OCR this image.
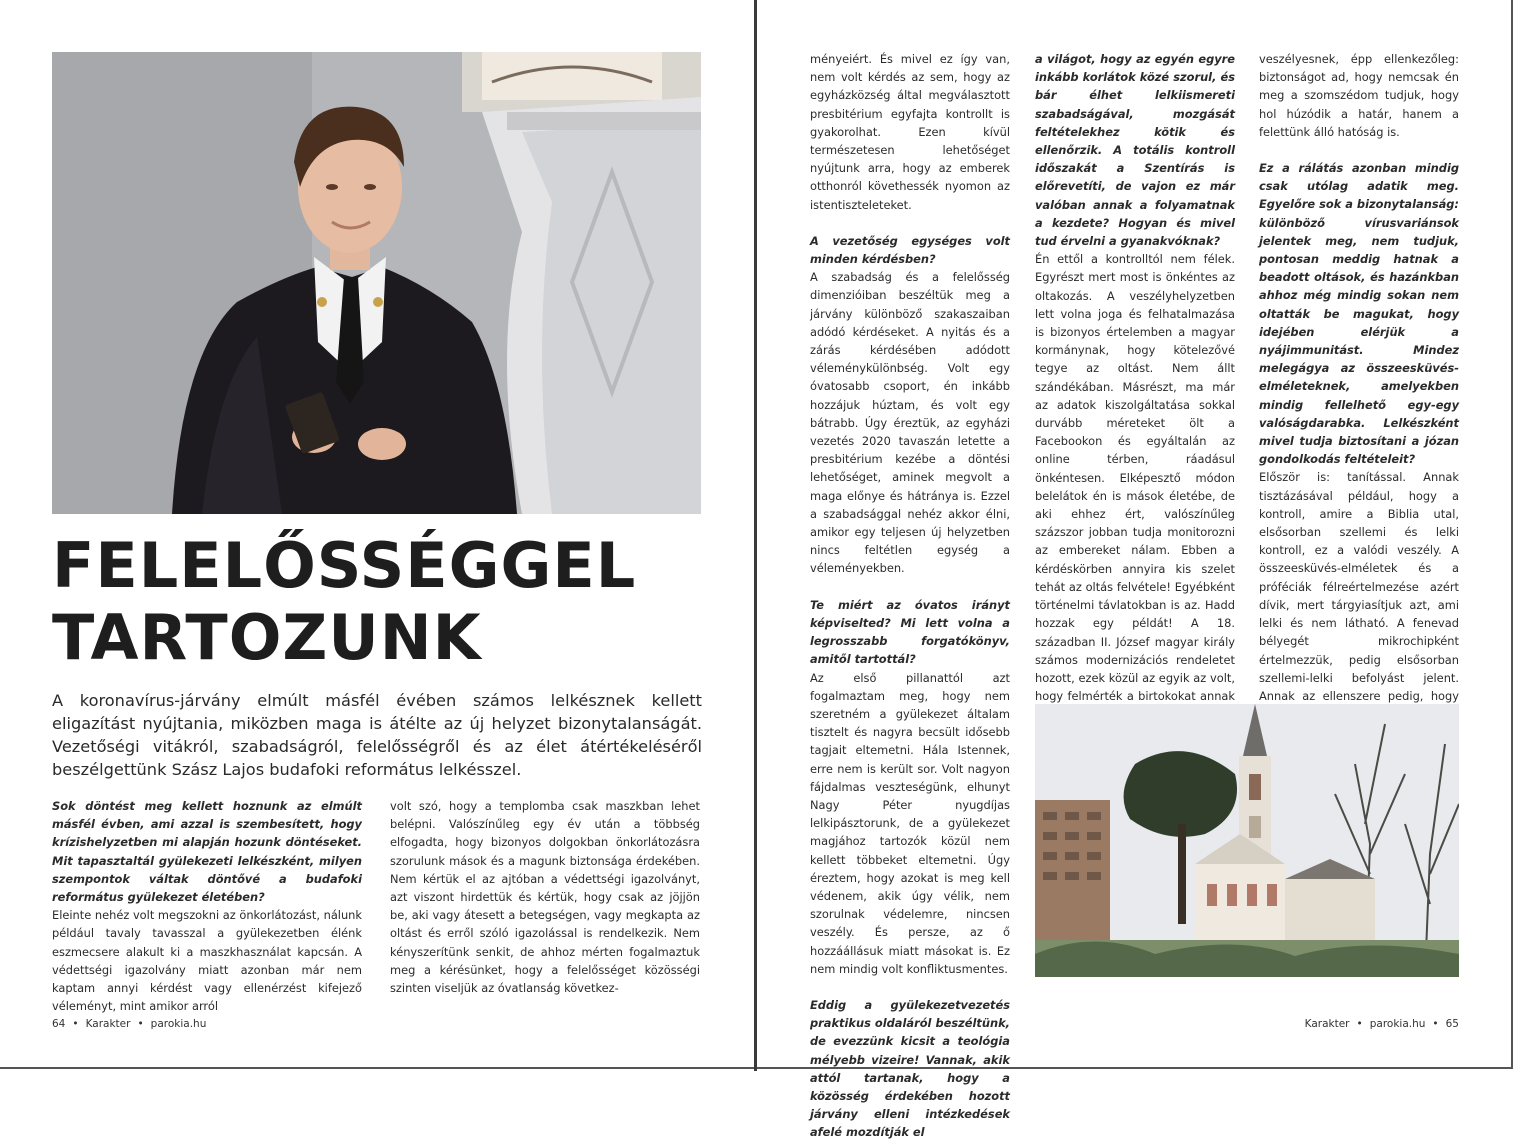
FELELŐSSÉGGEL
TARTOZUNK

A koronavírus-járvány elmúlt másfél évében számos lelkésznek kellett eligazítást nyújtania, miközben maga is átélte az új helyzet bizonytalanságát. Vezetőségi vitákról, szabadságról, felelősségről és az élet átértékeléséről beszélgettünk Szász Lajos budafoki református lelkésszel.

Sok döntést meg kellett hoznunk az elmúlt másfél évben, ami azzal is szembesített, hogy krízishelyzetben mi alapján hozunk döntéseket. Mit tapasztaltál gyülekezeti lelkészként, milyen szempontok váltak döntővé a budafoki református gyülekezet életében?

Eleinte nehéz volt megszokni az önkorlátozást, nálunk például tavaly tavasszal a gyülekezetben élénk eszmecsere alakult ki a maszkhasználat kapcsán. A védettségi igazolvány miatt azonban már nem kaptam annyi kérdést vagy ellenérzést kifejező véleményt, mint amikor arról

volt szó, hogy a templomba csak maszkban lehet belépni. Valószínűleg egy év után a többség elfogadta, hogy bizonyos dolgokban önkorlátozásra szorulunk mások és a magunk biztonsága érdekében. Nem kértük el az ajtóban a védettségi igazolványt, azt viszont hirdettük és kértük, hogy csak az jöjjön be, aki vagy átesett a betegségen, vagy megkapta az oltást és erről szóló igazolással is rendelkezik. Nem kényszerítünk senkit, de ahhoz mérten fogalmaztuk meg a kérésünket, hogy a felelősséget közösségi szinten viseljük az óvatlanság következ-

64 • Karakter • parokia.hu

ményeiért. És mivel ez így van, nem volt kérdés az sem, hogy az egyházközség által megválasztott presbitérium egyfajta kontrollt is gyakorolhat. Ezen kívül természetesen lehetőséget nyújtunk arra, hogy az emberek otthonról követhessék nyomon az istentiszteleteket.

A vezetőség egységes volt minden kérdésben?

A szabadság és a felelősség dimenzióiban beszéltük meg a járvány különböző szakaszaiban adódó kérdéseket. A nyitás és a zárás kérdésében adódott véleménykülönbség. Volt egy óvatosabb csoport, én inkább hozzájuk húztam, és volt egy bátrabb. Úgy éreztük, az egyházi vezetés 2020 tavaszán letette a presbitérium kezébe a döntési lehetőséget, aminek megvolt a maga előnye és hátránya is. Ezzel a szabadsággal nehéz akkor élni, amikor egy teljesen új helyzetben nincs feltétlen egység a véleményekben.

Te miért az óvatos irányt képviselted? Mi lett volna a legrosszabb forgatókönyv, amitől tartottál?

Az első pillanattól azt fogalmaztam meg, hogy nem szeretném a gyülekezet általam tisztelt és nagyra becsült idősebb tagjait eltemetni. Hála Istennek, erre nem is került sor. Volt nagyon fájdalmas veszteségünk, elhunyt Nagy Péter nyugdíjas lelkipásztorunk, de a gyülekezet magjához tartozók közül nem kellett többeket eltemetni. Úgy éreztem, hogy azokat is meg kell védenem, akik úgy vélik, nem szorulnak védelemre, nincsen veszély. És persze, az ő hozzáállásuk miatt másokat is. Ez nem mindig volt konfliktusmentes.

Eddig a gyülekezetvezetés praktikus oldaláról beszéltünk, de evezzünk kicsit a teológia mélyebb vizeire! Vannak, akik attól tartanak, hogy a közösség érdekében hozott járvány elleni intézkedések afelé mozdítják el

a világot, hogy az egyén egyre inkább korlátok közé szorul, és bár élhet lelkiismereti szabadságával, mozgását feltételekhez kötik és ellenőrzik. A totális kontroll időszakát a Szentírás is előrevetíti, de vajon ez már valóban annak a folyamatnak a kezdete? Hogyan és mivel tud érvelni a gyanakvóknak?

Én ettől a kontrolltól nem félek. Egyrészt mert most is önkéntes az oltakozás. A veszélyhelyzetben lett volna joga és felhatalmazása is bizonyos értelemben a magyar kormánynak, hogy kötelezővé tegye az oltást. Nem állt szándékában. Másrészt, ma már az adatok kiszolgáltatása sokkal durvább méreteket ölt a Facebookon és egyáltalán az online térben, ráadásul önkéntesen. Elképesztő módon belelátok én is mások életébe, de aki ehhez ért, valószínűleg százszor jobban tudja monitorozni az embereket nálam. Ebben a kérdéskörben annyira kis szelet tehát az oltás felvétele! Egyébként történelmi távlatokban is az. Hadd hozzak egy példát! A 18. században II. József magyar király számos modernizációs rendeletet hozott, ezek közül az egyik az volt, hogy felmérték a birtokokat annak

veszélyesnek, épp ellenkezőleg: biztonságot ad, hogy nemcsak én meg a szomszédom tudjuk, hogy hol húzódik a határ, hanem a felettünk álló hatóság is.

Ez a rálátás azonban mindig csak utólag adatik meg. Egyelőre sok a bizonytalanság: különböző vírusvariánsok jelentek meg, nem tudjuk, pontosan meddig hatnak a beadott oltások, és hazánkban ahhoz még mindig sokan nem oltatták be magukat, hogy idejében elérjük a nyájimmunitást. Mindez melegágya az összeesküvés-elméleteknek, amelyekben mindig fellelhető egy-egy valóságdarabka. Lelkészként mivel tudja biztosítani a józan gondolkodás feltételeit?

Először is: tanítással. Annak tisztázásával például, hogy a kontroll, amire a Biblia utal, elsősorban szellemi és lelki kontroll, ez a valódi veszély. A összeesküvés-elméletek és a próféciák félreértelmezése azért dívik, mert tárgyiasítjuk azt, ami lelki és nem látható. A fenevad bélyegét mikrochipként értelmezzük, pedig elsősorban szellemi-lelki befolyást jelent. Annak az ellenszere pedig, hogy

Karakter • parokia.hu • 65
